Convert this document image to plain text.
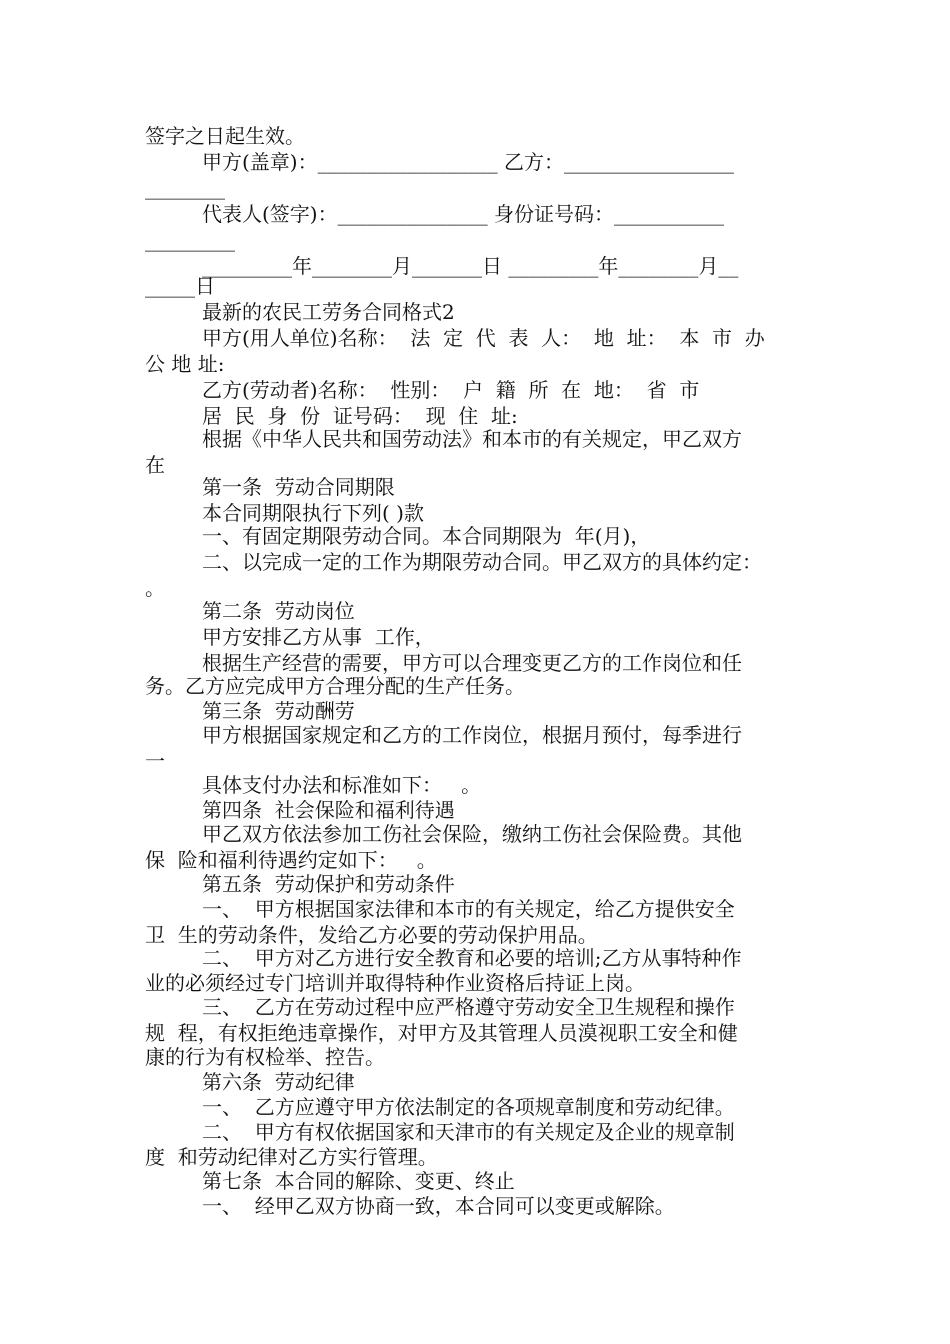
签字之日起生效。
甲方(盖章)：__________________ 乙方：_________________
________
代表人(签字)：_______________ 身份证号码：___________
_________
_________年________月_______日 _________年________月__
_____日
最新的农民工劳务合同格式2
甲方(用人单位)名称：  法  定  代  表  人：  地  址：  本  市  办
公 地 址:
乙方(劳动者)名称：  性别：  户  籍  所  在  地：  省  市
居  民  身  份  证号码：  现  住  址:
根据《中华人民共和国劳动法》和本市的有关规定，甲乙双方
在
第一条  劳动合同期限
本合同期限执行下列( )款
一、有固定期限劳动合同。本合同期限为  年(月)，
二、以完成一定的工作为期限劳动合同。甲乙双方的具体约定：
。
第二条  劳动岗位
甲方安排乙方从事  工作，
根据生产经营的需要，甲方可以合理变更乙方的工作岗位和任
务。乙方应完成甲方合理分配的生产任务。
第三条  劳动酬劳
甲方根据国家规定和乙方的工作岗位，根据月预付，每季进行
一
具体支付办法和标准如下：   。
第四条  社会保险和福利待遇
甲乙双方依法参加工伤社会保险，缴纳工伤社会保险费。其他
保  险和福利待遇约定如下：   。
第五条  劳动保护和劳动条件
一、  甲方根据国家法律和本市的有关规定，给乙方提供安全
卫  生的劳动条件，发给乙方必要的劳动保护用品。
二、  甲方对乙方进行安全教育和必要的培训;乙方从事特种作
业的必须经过专门培训并取得特种作业资格后持证上岗。
三、  乙方在劳动过程中应严格遵守劳动安全卫生规程和操作
规  程，有权拒绝违章操作，对甲方及其管理人员漠视职工安全和健
康的行为有权检举、控告。
第六条  劳动纪律
一、  乙方应遵守甲方依法制定的各项规章制度和劳动纪律。
二、  甲方有权依据国家和天津市的有关规定及企业的规章制
度  和劳动纪律对乙方实行管理。
第七条  本合同的解除、变更、终止
一、  经甲乙双方协商一致，本合同可以变更或解除。
